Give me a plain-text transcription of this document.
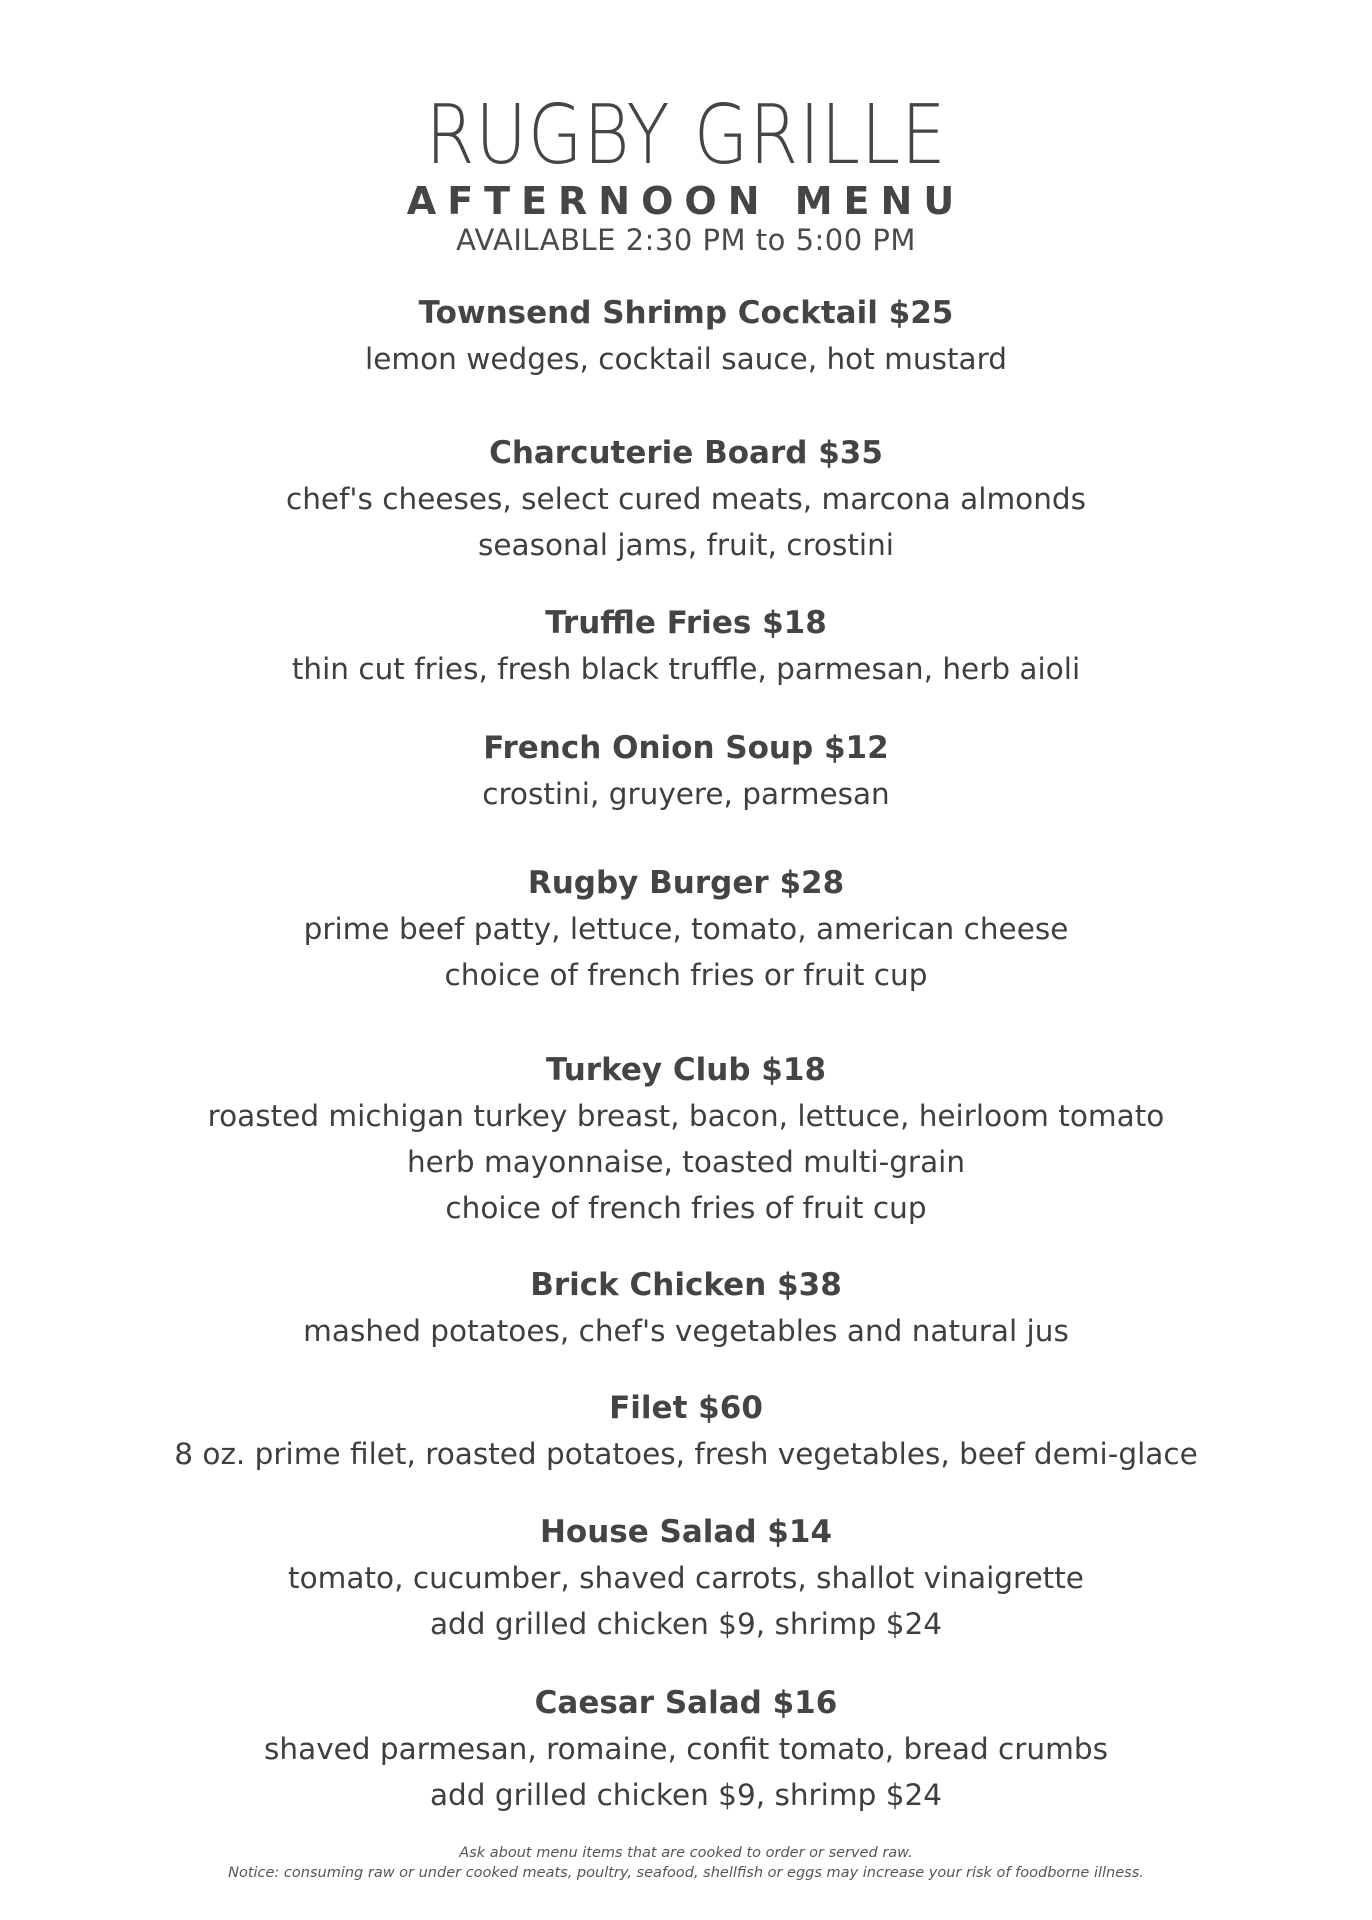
RUGBY GRILLE
AFTERNOON MENU
AVAILABLE 2:30 PM to 5:00 PM
Townsend Shrimp Cocktail $25
lemon wedges, cocktail sauce, hot mustard
Charcuterie Board $35
chef's cheeses, select cured meats, marcona almonds
seasonal jams, fruit, crostini
Truffle Fries $18
thin cut fries, fresh black truffle, parmesan, herb aioli
French Onion Soup $12
crostini, gruyere, parmesan
Rugby Burger $28
prime beef patty, lettuce, tomato, american cheese
choice of french fries or fruit cup
Turkey Club $18
roasted michigan turkey breast, bacon, lettuce, heirloom tomato
herb mayonnaise, toasted multi-grain
choice of french fries of fruit cup
Brick Chicken $38
mashed potatoes, chef's vegetables and natural jus
Filet $60
8 oz. prime filet, roasted potatoes, fresh vegetables, beef demi-glace
House Salad $14
tomato, cucumber, shaved carrots, shallot vinaigrette
add grilled chicken $9, shrimp $24
Caesar Salad $16
shaved parmesan, romaine, confit tomato, bread crumbs
add grilled chicken $9, shrimp $24
Ask about menu items that are cooked to order or served raw.
Notice: consuming raw or under cooked meats, poultry, seafood, shellfish or eggs may increase your risk of foodborne illness.
